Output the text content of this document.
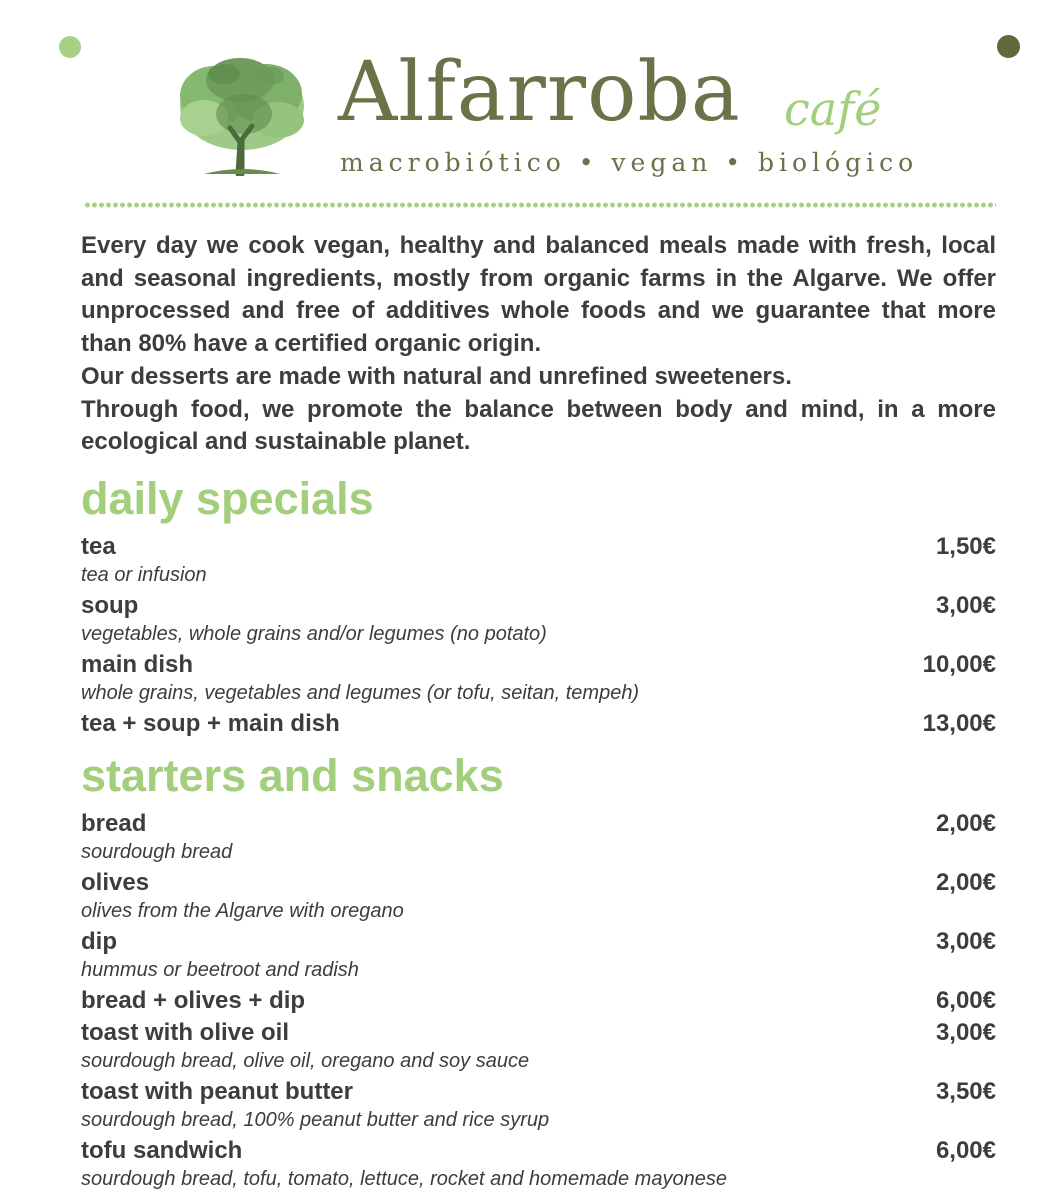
Alfarroba café
macrobiótico • vegan • biológico

Every day we cook vegan, healthy and balanced meals made with fresh, local and seasonal ingredients, mostly from organic farms in the Algarve. We offer unprocessed and free of additives whole foods and we guarantee that more than 80% have a certified organic origin.

Our desserts are made with natural and unrefined sweeteners.

Through food, we promote the balance between body and mind, in a more ecological and sustainable planet.

daily specials
tea	1,50€
tea or infusion
soup	3,00€
vegetables, whole grains and/or legumes (no potato)
main dish	10,00€
whole grains, vegetables and legumes (or tofu, seitan, tempeh)
tea + soup + main dish	13,00€
starters and snacks
bread	2,00€
sourdough bread
olives	2,00€
olives from the Algarve with oregano
dip	3,00€
hummus or beetroot and radish
bread + olives + dip	6,00€
toast with olive oil	3,00€
sourdough bread, olive oil, oregano and soy sauce
toast with peanut butter	3,50€
sourdough bread, 100% peanut butter and rice syrup
tofu sandwich	6,00€
sourdough bread, tofu, tomato, lettuce, rocket and homemade mayonese
